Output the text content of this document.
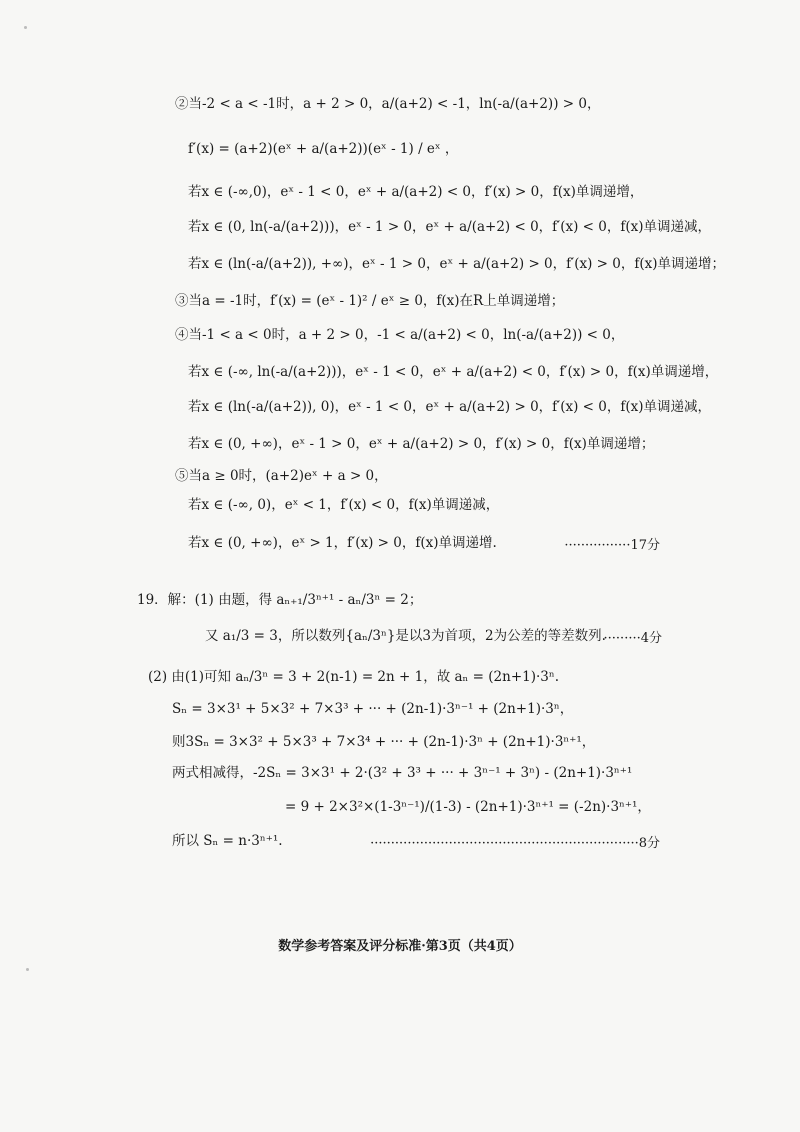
②当-2 < a < -1时，a + 2 > 0，a/(a+2) < -1，ln(-a/(a+2)) > 0，
f′(x) = (a+2)(eˣ + a/(a+2))(eˣ - 1) / eˣ ，
若x ∈ (-∞,0)，eˣ - 1 < 0，eˣ + a/(a+2) < 0，f′(x) > 0，f(x)单调递增，
若x ∈ (0, ln(-a/(a+2)))，eˣ - 1 > 0，eˣ + a/(a+2) < 0，f′(x) < 0，f(x)单调递减，
若x ∈ (ln(-a/(a+2)), +∞)，eˣ - 1 > 0，eˣ + a/(a+2) > 0，f′(x) > 0，f(x)单调递增；
③当a = -1时，f′(x) = (eˣ - 1)² / eˣ ≥ 0，f(x)在R上单调递增；
④当-1 < a < 0时，a + 2 > 0，-1 < a/(a+2) < 0，ln(-a/(a+2)) < 0，
若x ∈ (-∞, ln(-a/(a+2)))，eˣ - 1 < 0，eˣ + a/(a+2) < 0，f′(x) > 0，f(x)单调递增，
若x ∈ (ln(-a/(a+2)), 0)，eˣ - 1 < 0，eˣ + a/(a+2) > 0，f′(x) < 0，f(x)单调递减，
若x ∈ (0, +∞)，eˣ - 1 > 0，eˣ + a/(a+2) > 0，f′(x) > 0，f(x)单调递增；
⑤当a ≥ 0时，(a+2)eˣ + a > 0，
若x ∈ (-∞, 0)，eˣ < 1，f′(x) < 0，f(x)单调递减，
若x ∈ (0, +∞)，eˣ > 1，f′(x) > 0，f(x)单调递增.	················17分
19．解：(1) 由题，得 aₙ₊₁/3ⁿ⁺¹ - aₙ/3ⁿ = 2；
又 a₁/3 = 3，所以数列{aₙ/3ⁿ}是以3为首项，2为公差的等差数列.
·········4分
(2) 由(1)可知 aₙ/3ⁿ = 3 + 2(n-1) = 2n + 1，故 aₙ = (2n+1)·3ⁿ.
Sₙ = 3×3¹ + 5×3² + 7×3³ + ··· + (2n-1)·3ⁿ⁻¹ + (2n+1)·3ⁿ，
则3Sₙ = 3×3² + 5×3³ + 7×3⁴ + ··· + (2n-1)·3ⁿ + (2n+1)·3ⁿ⁺¹，
两式相减得，-2Sₙ = 3×3¹ + 2·(3² + 3³ + ··· + 3ⁿ⁻¹ + 3ⁿ) - (2n+1)·3ⁿ⁺¹
= 9 + 2×3²×(1-3ⁿ⁻¹)/(1-3) - (2n+1)·3ⁿ⁺¹ = (-2n)·3ⁿ⁺¹，
所以 Sₙ = n·3ⁿ⁺¹.	·································································8分
数学参考答案及评分标准·第3页（共4页）
